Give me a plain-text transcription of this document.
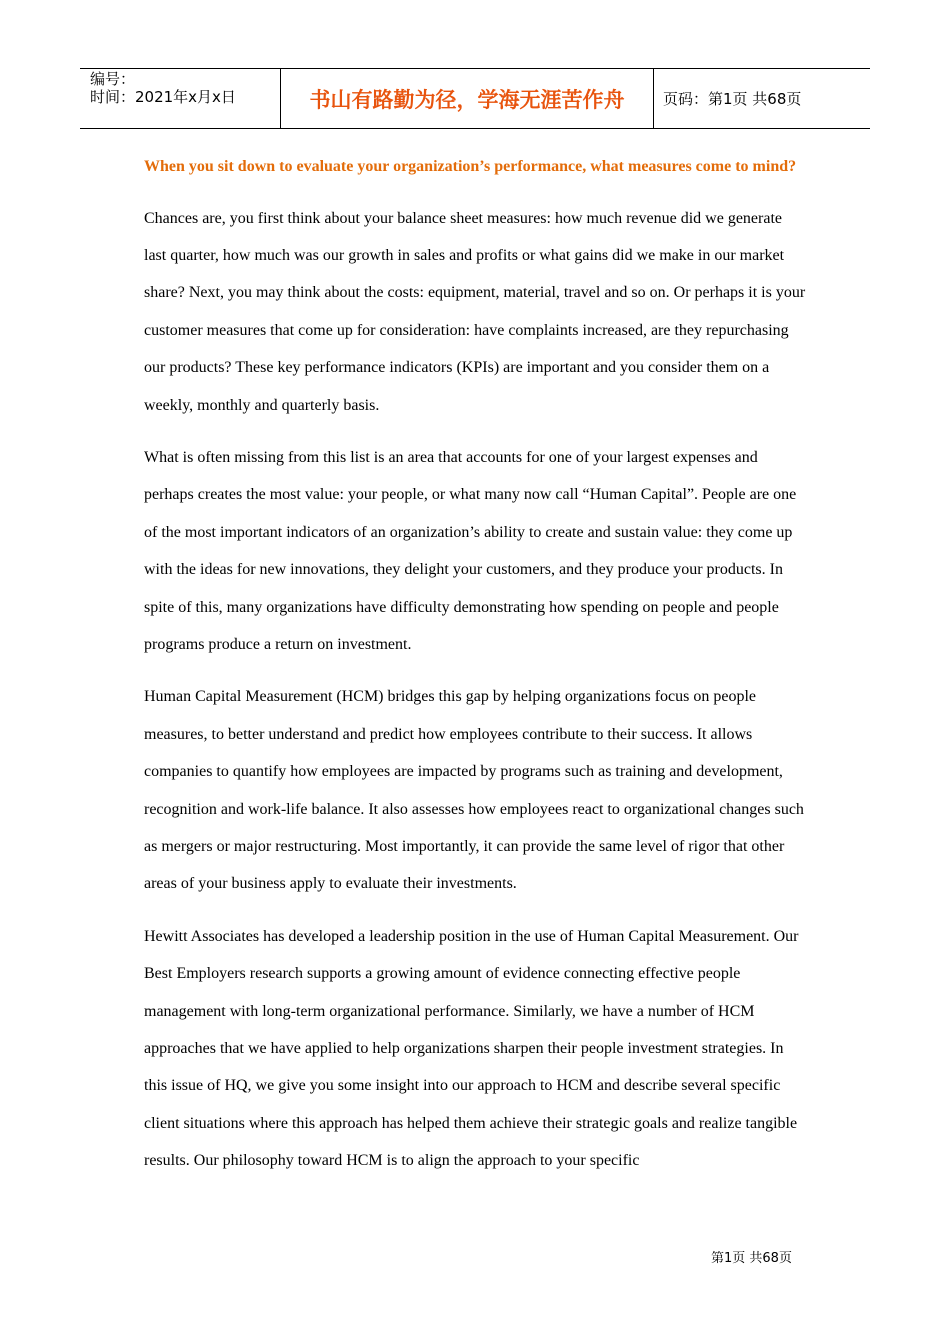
编号：
时间：2021年x月x日	书山有路勤为径，学海无涯苦作舟	页码：第1页 共68页

When you sit down to evaluate your organization’s performance, what measures come to mind?

Chances are, you first think about your balance sheet measures: how much revenue did we generate last quarter, how much was our growth in sales and profits or what gains did we make in our market share? Next, you may think about the costs: equipment, material, travel and so on. Or perhaps it is your customer measures that come up for consideration: have complaints increased, are they repurchasing our products? These key performance indicators (KPIs) are important and you consider them on a weekly, monthly and quarterly basis.

What is often missing from this list is an area that accounts for one of your largest expenses and perhaps creates the most value: your people, or what many now call “Human Capital”. People are one of the most important indicators of an organization’s ability to create and sustain value: they come up with the ideas for new innovations, they delight your customers, and they produce your products. In spite of this, many organizations have difficulty demonstrating how spending on people and people programs produce a return on investment.

Human Capital Measurement (HCM) bridges this gap by helping organizations focus on people measures, to better understand and predict how employees contribute to their success. It allows companies to quantify how employees are impacted by programs such as training and development, recognition and work-life balance. It also assesses how employees react to organizational changes such as mergers or major restructuring. Most importantly, it can provide the same level of rigor that other areas of your business apply to evaluate their investments.

Hewitt Associates has developed a leadership position in the use of Human Capital Measurement. Our Best Employers research supports a growing amount of evidence connecting effective people management with long-term organizational performance. Similarly, we have a number of HCM approaches that we have applied to help organizations sharpen their people investment strategies. In this issue of HQ, we give you some insight into our approach to HCM and describe several specific client situations where this approach has helped them achieve their strategic goals and realize tangible results. Our philosophy toward HCM is to align the approach to your specific

第1页 共68页
